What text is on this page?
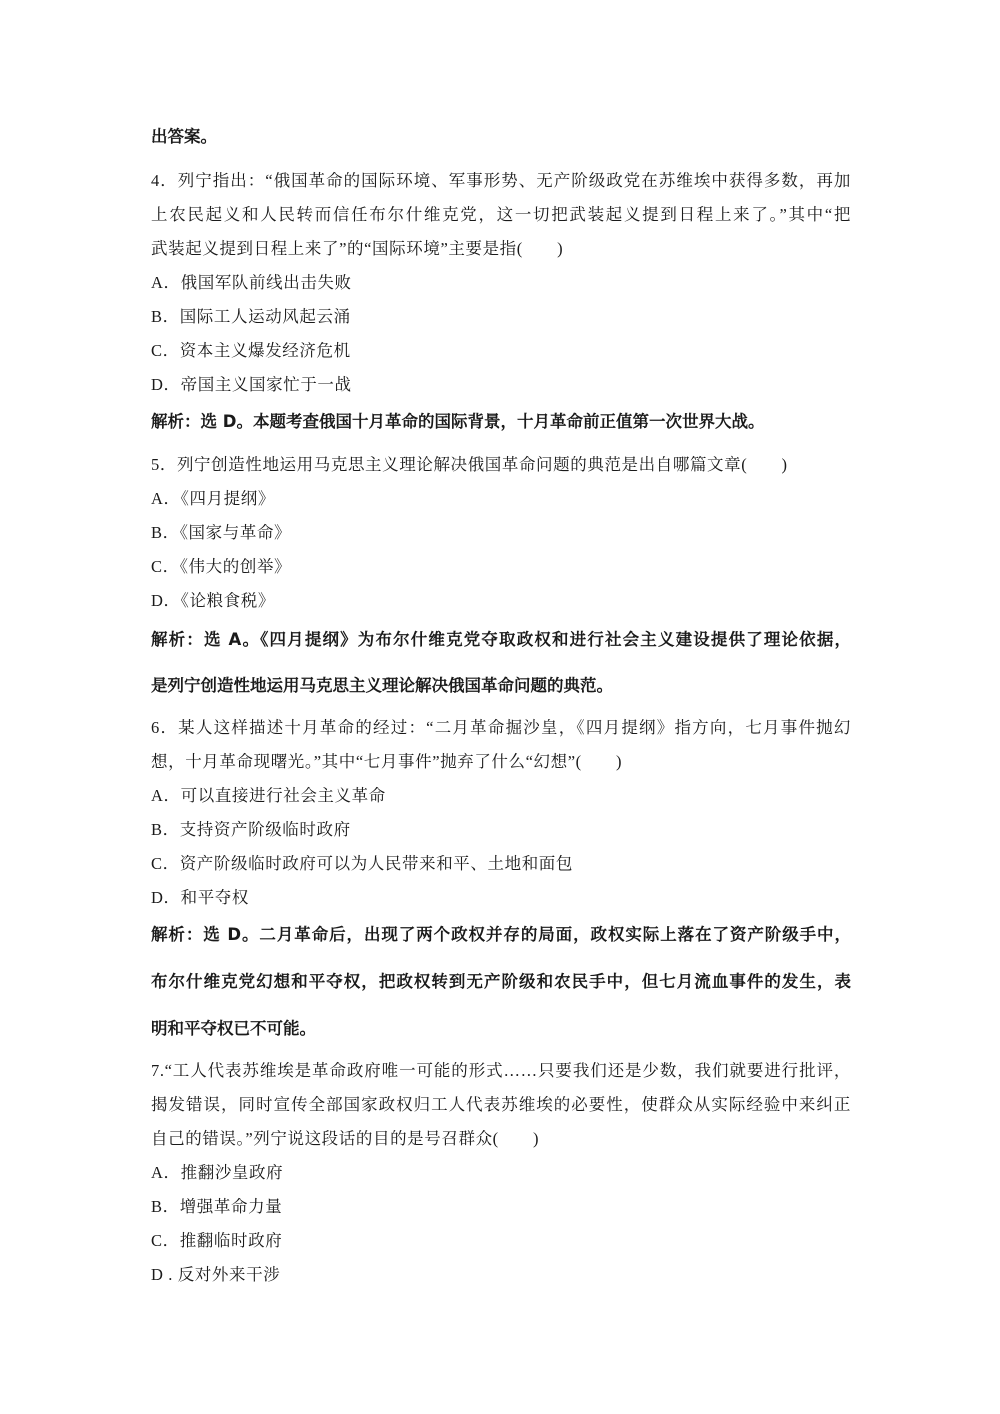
出答案。
4．列宁指出：“俄国革命的国际环境、军事形势、无产阶级政党在苏维埃中获得多数，再加
上农民起义和人民转而信任布尔什维克党，这一切把武装起义提到日程上来了。”其中“把
武装起义提到日程上来了”的“国际环境”主要是指(　　)
A．俄国军队前线出击失败
B．国际工人运动风起云涌
C．资本主义爆发经济危机
D．帝国主义国家忙于一战
解析：选 D。本题考查俄国十月革命的国际背景，十月革命前正值第一次世界大战。
5．列宁创造性地运用马克思主义理论解决俄国革命问题的典范是出自哪篇文章(　　)
A．《四月提纲》
B．《国家与革命》
C．《伟大的创举》
D．《论粮食税》
解析：选 A。《四月提纲》为布尔什维克党夺取政权和进行社会主义建设提供了理论依据，
是列宁创造性地运用马克思主义理论解决俄国革命问题的典范。
6．某人这样描述十月革命的经过：“二月革命掘沙皇，《四月提纲》指方向，七月事件抛幻
想，十月革命现曙光。”其中“七月事件”抛弃了什么“幻想”(　　)
A．可以直接进行社会主义革命
B．支持资产阶级临时政府
C．资产阶级临时政府可以为人民带来和平、土地和面包
D．和平夺权
解析：选 D。二月革命后，出现了两个政权并存的局面，政权实际上落在了资产阶级手中，
布尔什维克党幻想和平夺权，把政权转到无产阶级和农民手中，但七月流血事件的发生，表
明和平夺权已不可能。
7.“工人代表苏维埃是革命政府唯一可能的形式……只要我们还是少数，我们就要进行批评，
揭发错误，同时宣传全部国家政权归工人代表苏维埃的必要性，使群众从实际经验中来纠正
自己的错误。”列宁说这段话的目的是号召群众(　　)
A．推翻沙皇政府
B．增强革命力量
C．推翻临时政府
D . 反对外来干涉
